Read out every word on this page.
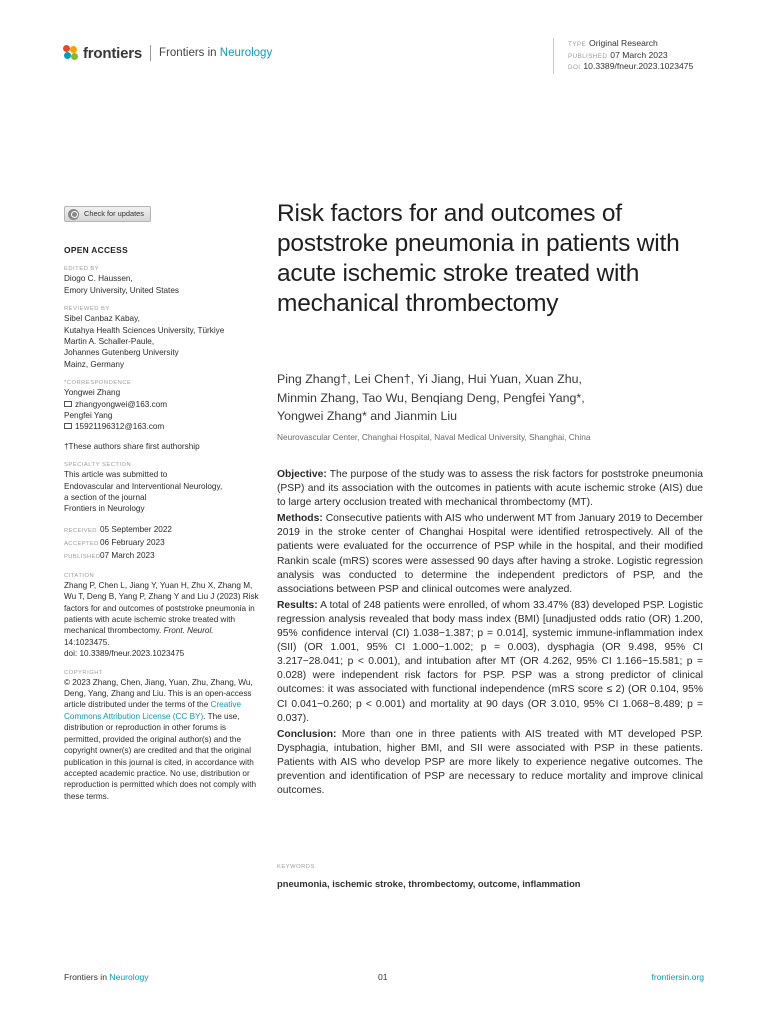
frontiers Frontiers in Neurology
TYPE Original Research
PUBLISHED 07 March 2023
DOI 10.3389/fneur.2023.1023475
Check for updates
OPEN ACCESS
EDITED BY
Diogo C. Haussen,
Emory University, United States
REVIEWED BY
Sibel Canbaz Kabay,
Kutahya Health Sciences University, Türkiye
Martin A. Schaller-Paule,
Johannes Gutenberg University
Mainz, Germany
*CORRESPONDENCE
Yongwei Zhang
zhangyongwei@163.com
Pengfei Yang
15921196312@163.com
†These authors share first authorship
SPECIALTY SECTION
This article was submitted to
Endovascular and Interventional Neurology,
a section of the journal
Frontiers in Neurology
RECEIVED 05 September 2022
ACCEPTED 06 February 2023
PUBLISHED 07 March 2023
CITATION
Zhang P, Chen L, Jiang Y, Yuan H, Zhu X, Zhang M, Wu T, Deng B, Yang P, Zhang Y and Liu J (2023) Risk factors for and outcomes of poststroke pneumonia in patients with acute ischemic stroke treated with mechanical thrombectomy. Front. Neurol. 14:1023475.
doi: 10.3389/fneur.2023.1023475
COPYRIGHT
© 2023 Zhang, Chen, Jiang, Yuan, Zhu, Zhang, Wu, Deng, Yang, Zhang and Liu. This is an open-access article distributed under the terms of the Creative Commons Attribution License (CC BY). The use, distribution or reproduction in other forums is permitted, provided the original author(s) and the copyright owner(s) are credited and that the original publication in this journal is cited, in accordance with accepted academic practice. No use, distribution or reproduction is permitted which does not comply with these terms.
Risk factors for and outcomes of poststroke pneumonia in patients with acute ischemic stroke treated with mechanical thrombectomy
Ping Zhang†, Lei Chen†, Yi Jiang, Hui Yuan, Xuan Zhu,
Minmin Zhang, Tao Wu, Benqiang Deng, Pengfei Yang*,
Yongwei Zhang* and Jianmin Liu
Neurovascular Center, Changhai Hospital, Naval Medical University, Shanghai, China

Objective: The purpose of the study was to assess the risk factors for poststroke pneumonia (PSP) and its association with the outcomes in patients with acute ischemic stroke (AIS) due to large artery occlusion treated with mechanical thrombectomy (MT).

Methods: Consecutive patients with AIS who underwent MT from January 2019 to December 2019 in the stroke center of Changhai Hospital were identified retrospectively. All of the patients were evaluated for the occurrence of PSP while in the hospital, and their modified Rankin scale (mRS) scores were assessed 90 days after having a stroke. Logistic regression analysis was conducted to determine the independent predictors of PSP, and the associations between PSP and clinical outcomes were analyzed.

Results: A total of 248 patients were enrolled, of whom 33.47% (83) developed PSP. Logistic regression analysis revealed that body mass index (BMI) [unadjusted odds ratio (OR) 1.200, 95% confidence interval (CI) 1.038−1.387; p = 0.014], systemic immune-inflammation index (SII) (OR 1.001, 95% CI 1.000−1.002; p = 0.003), dysphagia (OR 9.498, 95% CI 3.217−28.041; p < 0.001), and intubation after MT (OR 4.262, 95% CI 1.166−15.581; p = 0.028) were independent risk factors for PSP. PSP was a strong predictor of clinical outcomes: it was associated with functional independence (mRS score ≤ 2) (OR 0.104, 95% CI 0.041−0.260; p < 0.001) and mortality at 90 days (OR 3.010, 95% CI 1.068−8.489; p = 0.037).

Conclusion: More than one in three patients with AIS treated with MT developed PSP. Dysphagia, intubation, higher BMI, and SII were associated with PSP in these patients. Patients with AIS who develop PSP are more likely to experience negative outcomes. The prevention and identification of PSP are necessary to reduce mortality and improve clinical outcomes.

KEYWORDS
pneumonia, ischemic stroke, thrombectomy, outcome, inflammation
Frontiers in Neurology	01	frontiersin.org
